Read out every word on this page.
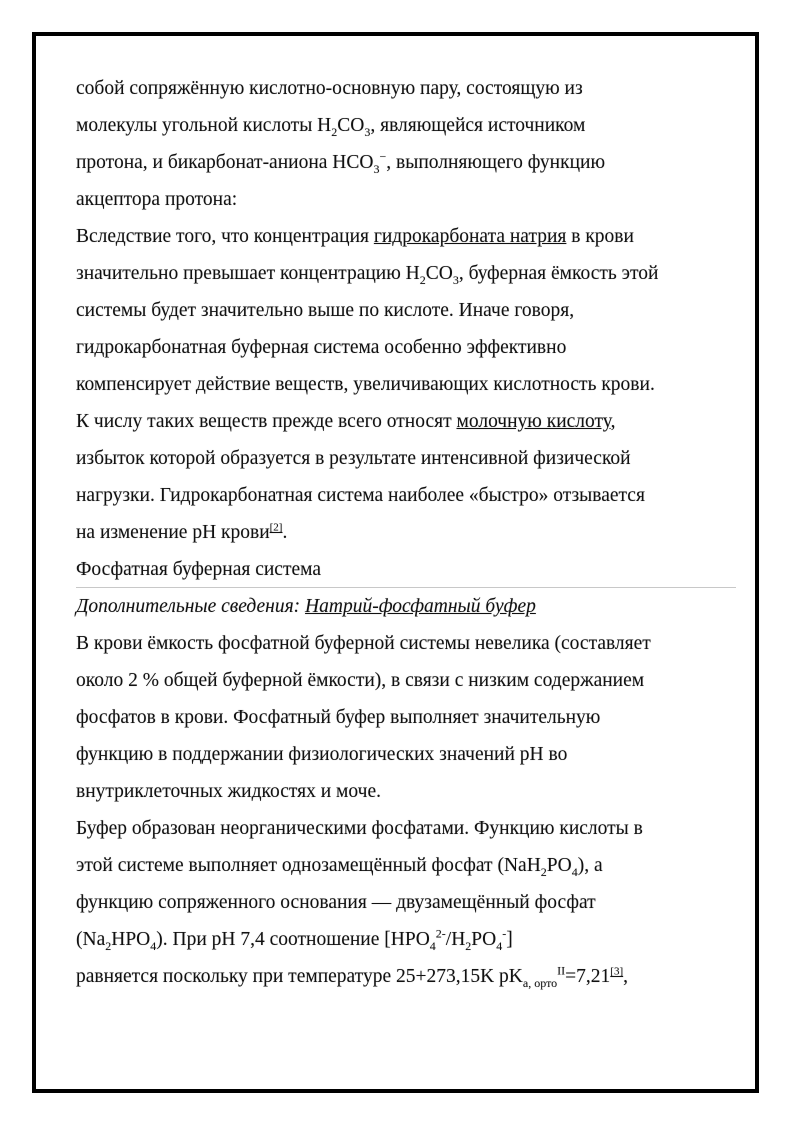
собой сопряжённую кислотно-основную пару, состоящую из
молекулы угольной кислоты $H_2CO_3$, являющейся источником
протона, и бикарбонат-аниона $HCO_3^-$, выполняющего функцию
акцептора протона:
Вследствие того, что концентрация гидрокарбоната натрия в крови
значительно превышает концентрацию $H_2CO_3$, буферная ёмкость этой
системы будет значительно выше по кислоте. Иначе говоря,
гидрокарбонатная буферная система особенно эффективно
компенсирует действие веществ, увеличивающих кислотность крови.
К числу таких веществ прежде всего относят молочную кислоту,
избыток которой образуется в результате интенсивной физической
нагрузки. Гидрокарбонатная система наиболее «быстро» отзывается
на изменение pH крови[2].
Фосфатная буферная система
Дополнительные сведения: Натрий-фосфатный буфер
В крови ёмкость фосфатной буферной системы невелика (составляет
около 2 % общей буферной ёмкости), в связи с низким содержанием
фосфатов в крови. Фосфатный буфер выполняет значительную
функцию в поддержании физиологических значений pH во
внутриклеточных жидкостях и моче.
Буфер образован неорганическими фосфатами. Функцию кислоты в
этой системе выполняет однозамещённый фосфат $(NaH_2PO_4)$, а
функцию сопряженного основания — двузамещённый фосфат
$(Na_2HPO_4)$. При pH 7,4 соотношение $[HPO_4^{2-}/H_2PO_4^-]$
равняется поскольку при температуре 25+273,15K $pK_{a, орто}^{II}=7,21[3]$,
